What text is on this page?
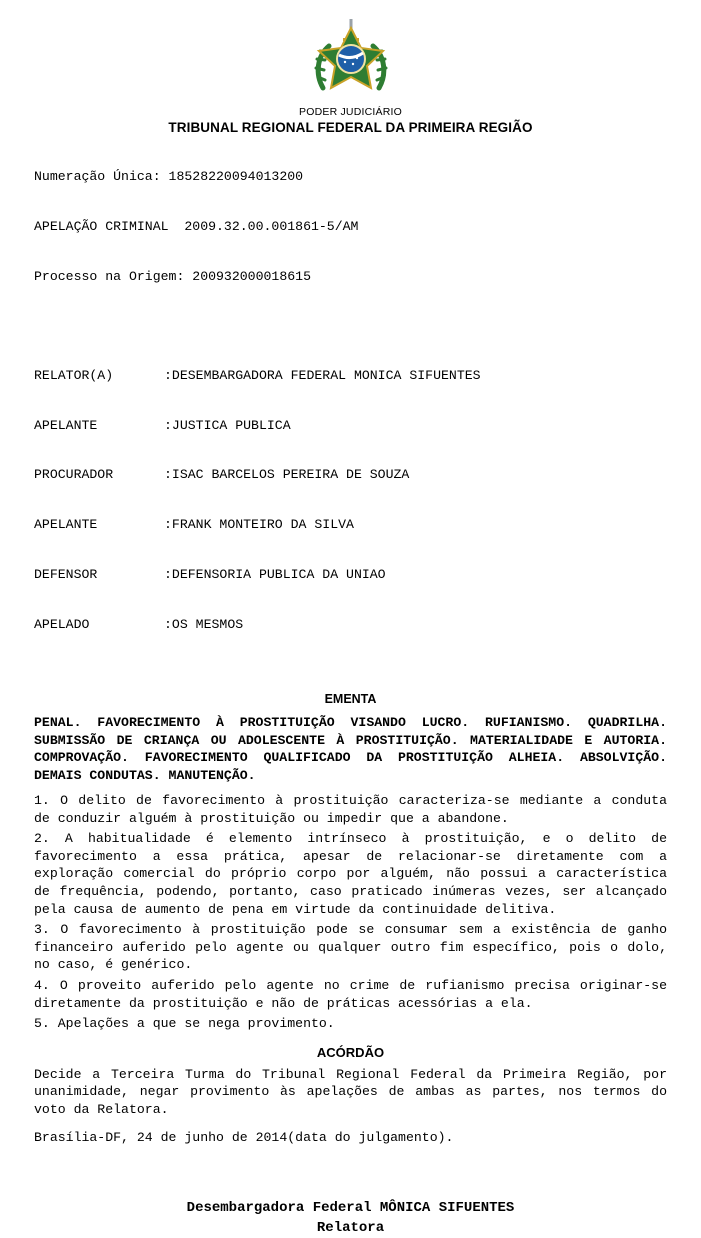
PODER JUDICIÁRIO
TRIBUNAL REGIONAL FEDERAL DA PRIMEIRA REGIÃO

Numeração Única: 18528220094013200

APELAÇÃO CRIMINAL  2009.32.00.001861-5/AM

Processo na Origem: 200932000018615

RELATOR(A)	:DESEMBARGADORA FEDERAL MONICA SIFUENTES

APELANTE	:JUSTICA PUBLICA

PROCURADOR	:ISAC BARCELOS PEREIRA DE SOUZA

APELANTE	:FRANK MONTEIRO DA SILVA

DEFENSOR	:DEFENSORIA PUBLICA DA UNIAO

APELADO	:OS MESMOS

EMENTA

PENAL. FAVORECIMENTO À PROSTITUIÇÃO VISANDO LUCRO. RUFIANISMO. QUADRILHA. SUBMISSÃO DE CRIANÇA OU ADOLESCENTE À PROSTITUIÇÃO. MATERIALIDADE E AUTORIA. COMPROVAÇÃO. FAVORECIMENTO QUALIFICADO DA PROSTITUIÇÃO ALHEIA. ABSOLVIÇÃO. DEMAIS CONDUTAS. MANUTENÇÃO.

1. O delito de favorecimento à prostituição caracteriza-se mediante a conduta de conduzir alguém à prostituição ou impedir que a abandone.

2. A habitualidade é elemento intrínseco à prostituição, e o delito de favorecimento a essa prática, apesar de relacionar-se diretamente com a exploração comercial do próprio corpo por alguém, não possui a característica de frequência, podendo, portanto, caso praticado inúmeras vezes, ser alcançado pela causa de aumento de pena em virtude da continuidade delitiva.

3. O favorecimento à prostituição pode se consumar sem a existência de ganho financeiro auferido pelo agente ou qualquer outro fim específico, pois o dolo, no caso, é genérico.

4. O proveito auferido pelo agente no crime de rufianismo precisa originar-se diretamente da prostituição e não de práticas acessórias a ela.

5. Apelações a que se nega provimento.

ACÓRDÃO

Decide a Terceira Turma do Tribunal Regional Federal da Primeira Região, por unanimidade, negar provimento às apelações de ambas as partes, nos termos do voto da Relatora.

Brasília-DF, 24 de junho de 2014(data do julgamento).

Desembargadora Federal MÔNICA SIFUENTES
Relatora
